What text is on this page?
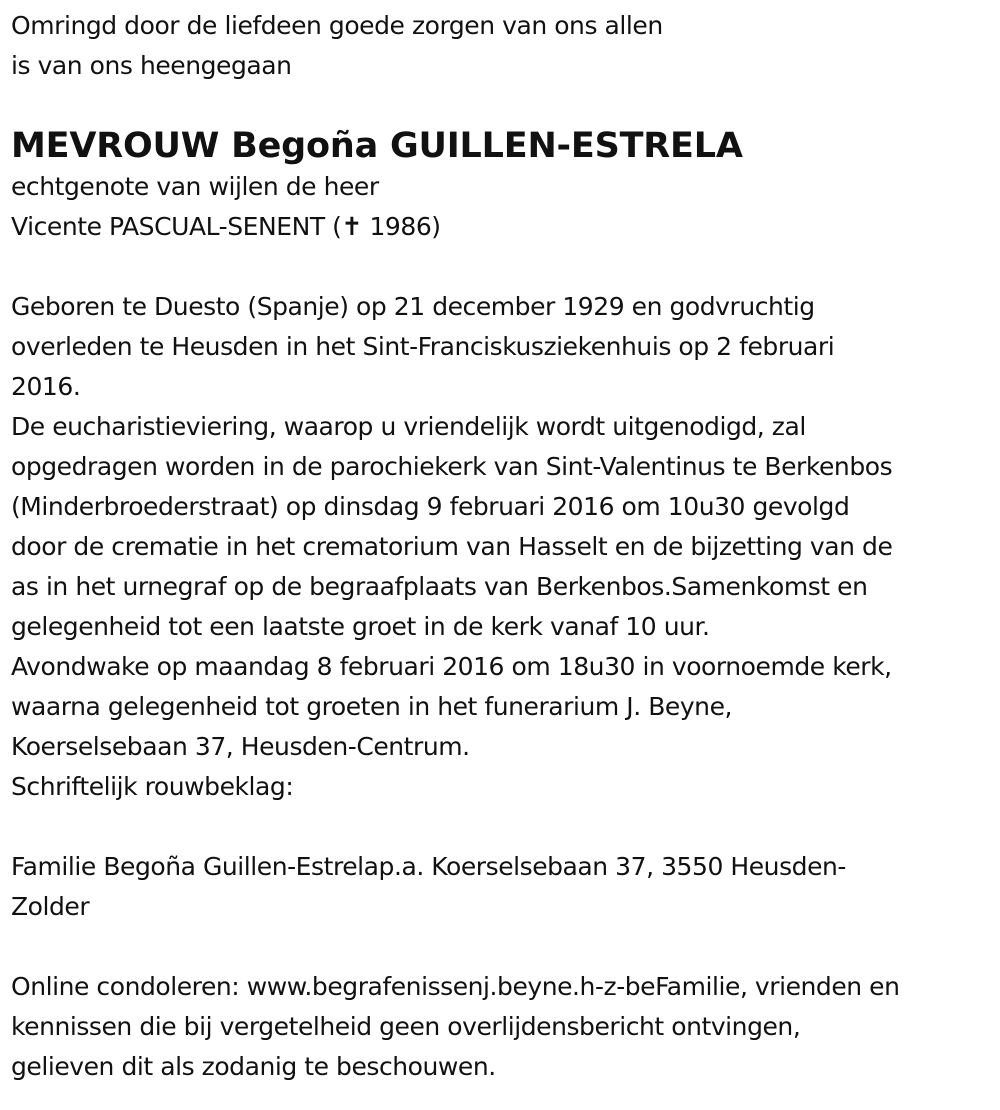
Omringd door de liefdeen goede zorgen van ons allen

is van ons heengegaan

MEVROUW Begoña GUILLEN-ESTRELA

echtgenote van wijlen de heer

Vicente PASCUAL-SENENT (✝ 1986)

Geboren te Duesto (Spanje) op 21 december 1929 en godvruchtig

overleden te Heusden in het Sint-Franciskusziekenhuis op 2 februari

2016.

De eucharistieviering, waarop u vriendelijk wordt uitgenodigd, zal

opgedragen worden in de parochiekerk van Sint-Valentinus te Berkenbos

(Minderbroederstraat) op dinsdag 9 februari 2016 om 10u30 gevolgd

door de crematie in het crematorium van Hasselt en de bijzetting van de

as in het urnegraf op de begraafplaats van Berkenbos.Samenkomst en

gelegenheid tot een laatste groet in de kerk vanaf 10 uur.

Avondwake op maandag 8 februari 2016 om 18u30 in voornoemde kerk,

waarna gelegenheid tot groeten in het funerarium J. Beyne,

Koerselsebaan 37, Heusden-Centrum.

Schriftelijk rouwbeklag:

Familie Begoña Guillen-Estrelap.a. Koerselsebaan 37, 3550 Heusden-

Zolder

Online condoleren: www.begrafenissenj.beyne.h-z-beFamilie, vrienden en

kennissen die bij vergetelheid geen overlijdensbericht ontvingen,

gelieven dit als zodanig te beschouwen.
